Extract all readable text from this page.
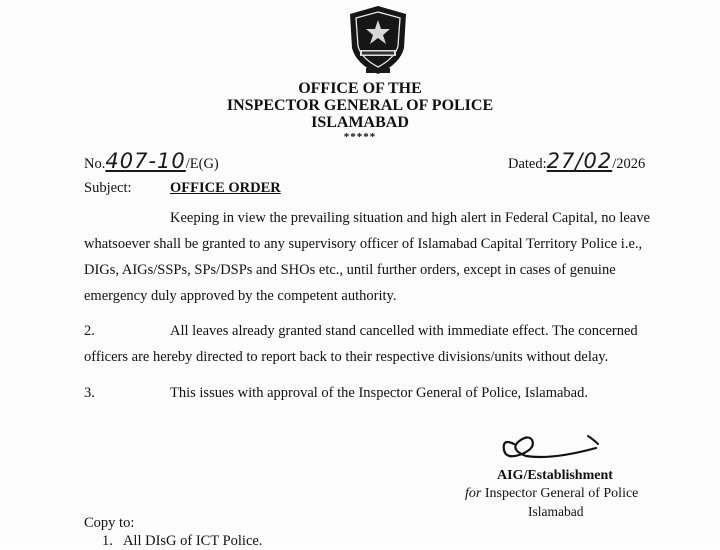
OFFICE OF THE
INSPECTOR GENERAL OF POLICE
ISLAMABAD
*****
No.407-10/E(G)	Dated:27/02/2026
Subject:	OFFICE ORDER
Keeping in view the prevailing situation and high alert in Federal Capital, no leave
whatsoever shall be granted to any supervisory officer of Islamabad Capital Territory Police i.e.,
DIGs, AIGs/SSPs, SPs/DSPs and SHOs etc., until further orders, except in cases of genuine
emergency duly approved by the competent authority.
2.	All leaves already granted stand cancelled with immediate effect. The concerned
officers are hereby directed to report back to their respective divisions/units without delay.
3.	This issues with approval of the Inspector General of Police, Islamabad.
AIG/Establishment
for Inspector General of Police
Islamabad
Copy to:
1.   All DIsG of ICT Police.
